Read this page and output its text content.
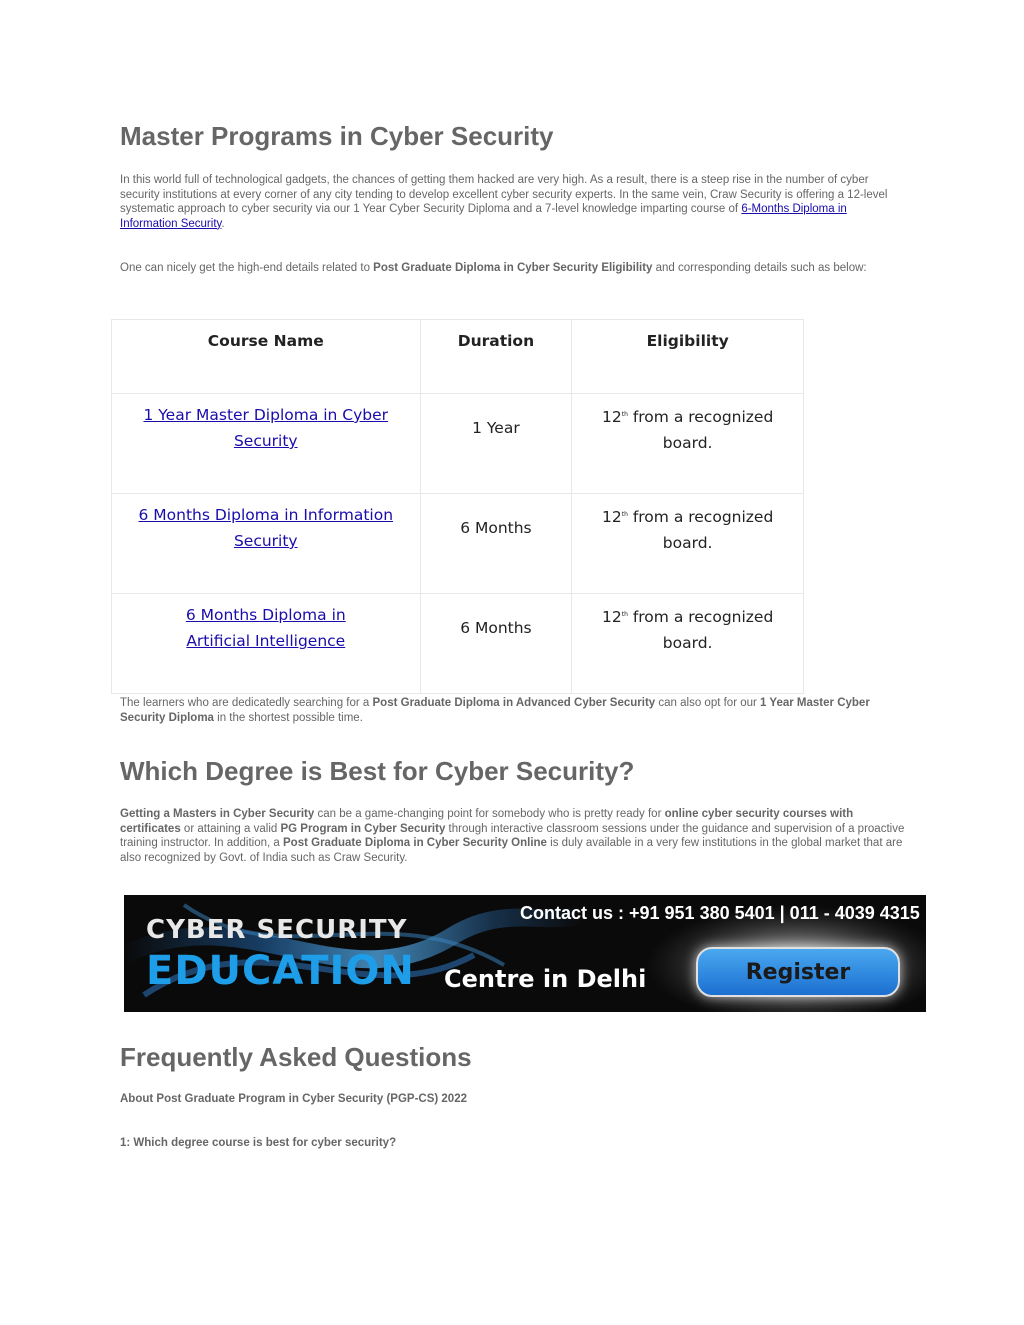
Master Programs in Cyber Security

In this world full of technological gadgets, the chances of getting them hacked are very high. As a result, there is a steep rise in the number of cyber security institutions at every corner of any city tending to develop excellent cyber security experts. In the same vein, Craw Security is offering a 12-level systematic approach to cyber security via our 1 Year Cyber Security Diploma and a 7-level knowledge imparting course of 6-Months Diploma in Information Security.

One can nicely get the high-end details related to Post Graduate Diploma in Cyber Security Eligibility and corresponding details such as below:

Course Name	Duration	Eligibility
1 Year Master Diploma in Cyber Security	1 Year	12th from a recognized board.
6 Months Diploma in Information Security	6 Months	12th from a recognized board.
6 Months Diploma in Artificial Intelligence	6 Months	12th from a recognized board.

The learners who are dedicatedly searching for a Post Graduate Diploma in Advanced Cyber Security can also opt for our 1 Year Master Cyber Security Diploma in the shortest possible time.

Which Degree is Best for Cyber Security?

Getting a Masters in Cyber Security can be a game-changing point for somebody who is pretty ready for online cyber security courses with certificates or attaining a valid PG Program in Cyber Security through interactive classroom sessions under the guidance and supervision of a proactive training instructor. In addition, a Post Graduate Diploma in Cyber Security Online is duly available in a very few institutions in the global market that are also recognized by Govt. of India such as Craw Security.

Frequently Asked Questions

About Post Graduate Program in Cyber Security (PGP-CS) 2022

1: Which degree course is best for cyber security?

CYBER SECURITY
EDUCATION Centre in Delhi
Contact us : +91 951 380 5401 | 011 - 4039 4315
Register
